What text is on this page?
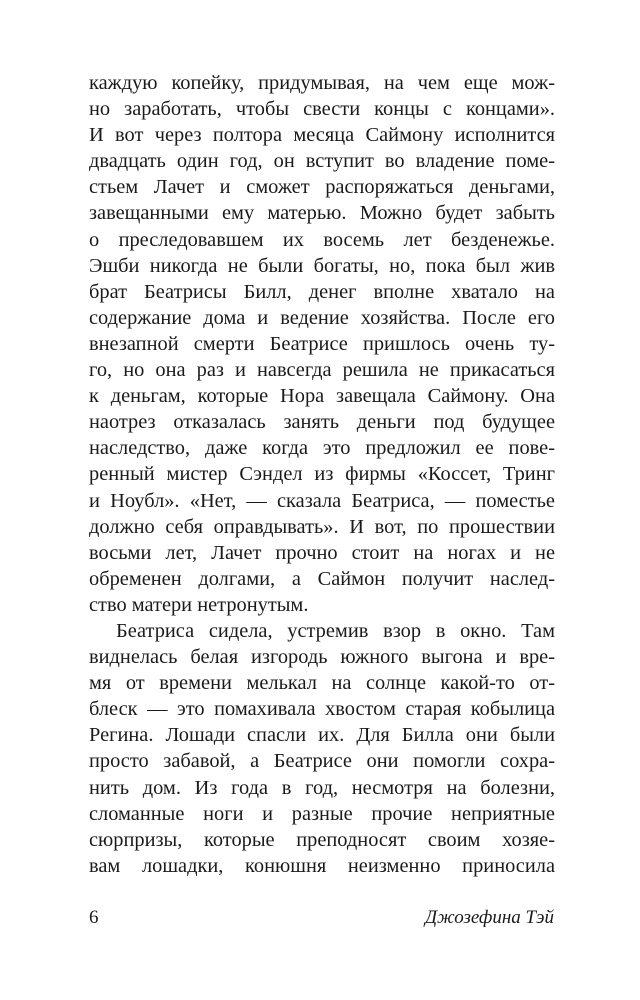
каждую копейку, придумывая, на чем еще мож-
но заработать, чтобы свести концы с концами».
И вот через полтора месяца Саймону исполнится
двадцать один год, он вступит во владение поме-
стьем Лачет и сможет распоряжаться деньгами,
завещанными ему матерью. Можно будет забыть
о преследовавшем их восемь лет безденежье.
Эшби никогда не были богаты, но, пока был жив
брат Беатрисы Билл, денег вполне хватало на
содержание дома и ведение хозяйства. После его
внезапной смерти Беатрисе пришлось очень ту-
го, но она раз и навсегда решила не прикасаться
к деньгам, которые Нора завещала Саймону. Она
наотрез отказалась занять деньги под будущее
наследство, даже когда это предложил ее пове-
ренный мистер Сэндел из фирмы «Коссет, Тринг
и Ноубл». «Нет, — сказала Беатриса, — поместье
должно себя оправдывать». И вот, по прошествии
восьми лет, Лачет прочно стоит на ногах и не
обременен долгами, а Саймон получит наслед-
ство матери нетронутым.
Беатриса сидела, устремив взор в окно. Там
виднелась белая изгородь южного выгона и вре-
мя от времени мелькал на солнце какой-то от-
блеск — это помахивала хвостом старая кобылица
Регина. Лошади спасли их. Для Билла они были
просто забавой, а Беатрисе они помогли сохра-
нить дом. Из года в год, несмотря на болезни,
сломанные ноги и разные прочие неприятные
сюрпризы, которые преподносят своим хозяе-
вам лошадки, конюшня неизменно приносила
6	Джозефина Тэй
